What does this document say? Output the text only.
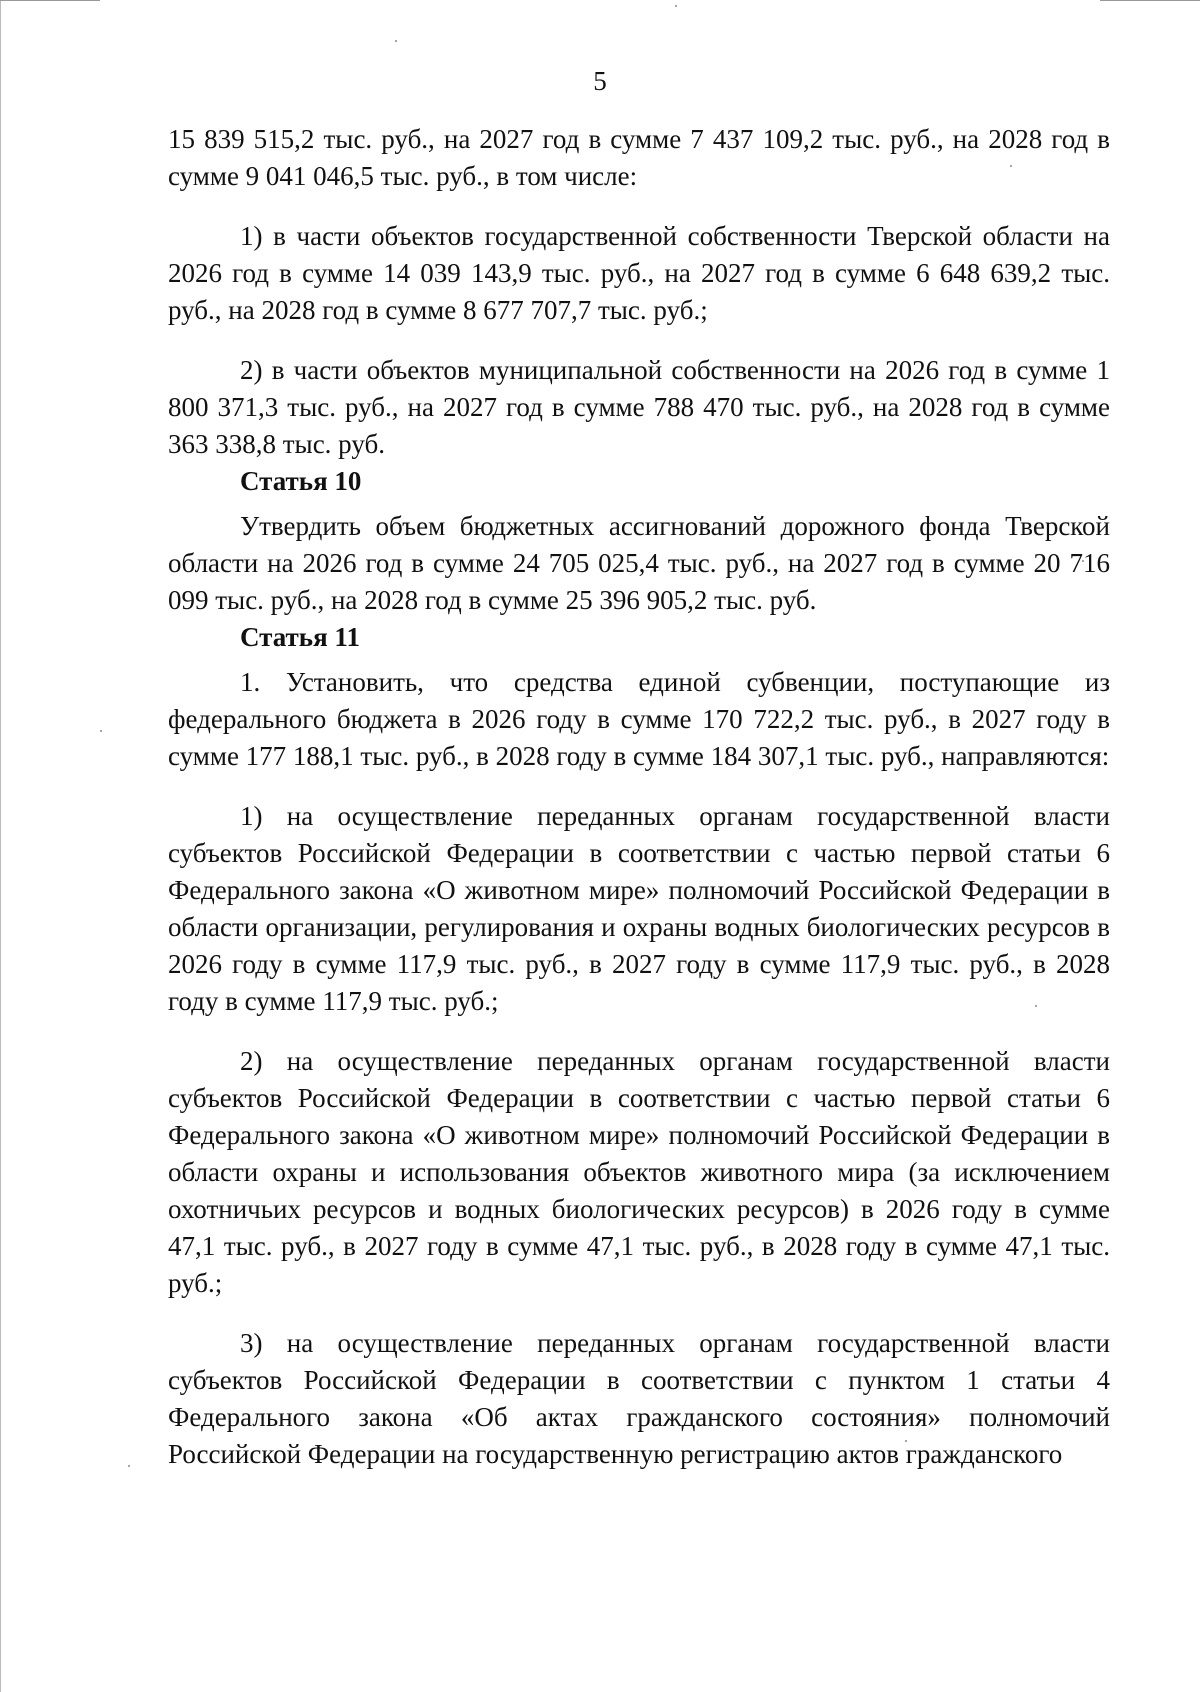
5

15 839 515,2 тыс. руб., на 2027 год в сумме 7 437 109,2 тыс. руб., на 2028 год в сумме 9 041 046,5 тыс. руб., в том числе:

1) в части объектов государственной собственности Тверской области на 2026 год в сумме 14 039 143,9 тыс. руб., на 2027 год в сумме 6 648 639,2 тыс. руб., на 2028 год в сумме 8 677 707,7 тыс. руб.;

2) в части объектов муниципальной собственности на 2026 год в сумме 1 800 371,3 тыс. руб., на 2027 год в сумме 788 470 тыс. руб., на 2028 год в сумме 363 338,8 тыс. руб.

Статья 10

Утвердить объем бюджетных ассигнований дорожного фонда Тверской области на 2026 год в сумме 24 705 025,4 тыс. руб., на 2027 год в сумме 20 716 099 тыс. руб., на 2028 год в сумме 25 396 905,2 тыс. руб.

Статья 11

1. Установить, что средства единой субвенции, поступающие из федерального бюджета в 2026 году в сумме 170 722,2 тыс. руб., в 2027 году в сумме 177 188,1 тыс. руб., в 2028 году в сумме 184 307,1 тыс. руб., направляются:

1) на осуществление переданных органам государственной власти субъектов Российской Федерации в соответствии с частью первой статьи 6 Федерального закона «О животном мире» полномочий Российской Федерации в области организации, регулирования и охраны водных биологических ресурсов в 2026 году в сумме 117,9 тыс. руб., в 2027 году в сумме 117,9 тыс. руб., в 2028 году в сумме 117,9 тыс. руб.;

2) на осуществление переданных органам государственной власти субъектов Российской Федерации в соответствии с частью первой статьи 6 Федерального закона «О животном мире» полномочий Российской Федерации в области охраны и использования объектов животного мира (за исключением охотничьих ресурсов и водных биологических ресурсов) в 2026 году в сумме 47,1 тыс. руб., в 2027 году в сумме 47,1 тыс. руб., в 2028 году в сумме 47,1 тыс. руб.;

3) на осуществление переданных органам государственной власти субъектов Российской Федерации в соответствии с пунктом 1 статьи 4 Федерального закона «Об актах гражданского состояния» полномочий Российской Федерации на государственную регистрацию актов гражданского
